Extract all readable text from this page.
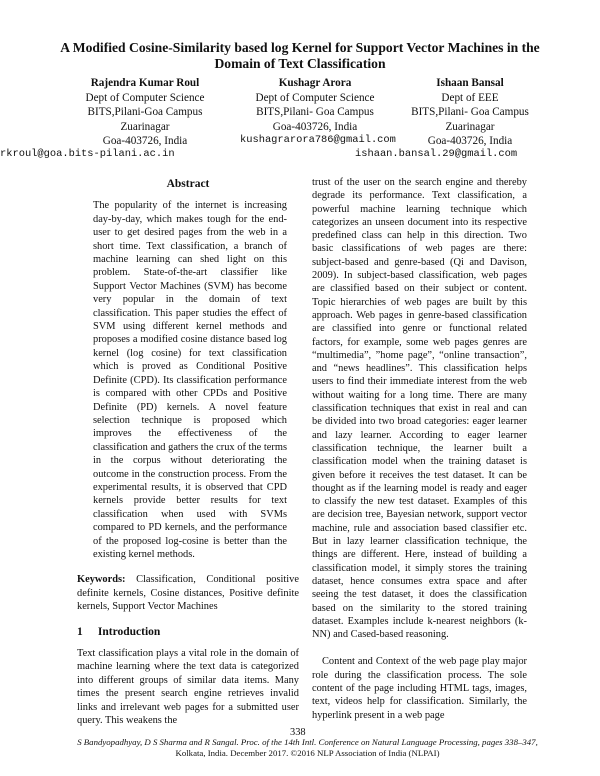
A Modified Cosine-Similarity based log Kernel for Support Vector Machines in the Domain of Text Classification
Rajendra Kumar Roul
Dept of Computer Science
BITS,Pilani-Goa Campus
Zuarinagar
Goa-403726, India
Kushagr Arora
Dept of Computer Science
BITS,Pilani- Goa Campus
Goa-403726, India
Ishaan Bansal
Dept of EEE
BITS,Pilani- Goa Campus
Zuarinagar
Goa-403726, India
rkroul@goa.bits-pilani.ac.in
kushagrarora786@gmail.com
ishaan.bansal.29@gmail.com
Abstract
The popularity of the internet is increasing day-by-day, which makes tough for the end-user to get desired pages from the web in a short time. Text classification, a branch of machine learning can shed light on this problem. State-of-the-art classifier like Support Vector Machines (SVM) has become very popular in the domain of text classification. This paper studies the effect of SVM using different kernel methods and proposes a modified cosine distance based log kernel (log cosine) for text classification which is proved as Conditional Positive Definite (CPD). Its classification performance is compared with other CPDs and Positive Definite (PD) kernels. A novel feature selection technique is proposed which improves the effectiveness of the classification and gathers the crux of the terms in the corpus without deteriorating the outcome in the construction process. From the experimental results, it is observed that CPD kernels provide better results for text classification when used with SVMs compared to PD kernels, and the performance of the proposed log-cosine is better than the existing kernel methods.
Keywords: Classification, Conditional positive definite kernels, Cosine distances, Positive definite kernels, Support Vector Machines
1 Introduction
Text classification plays a vital role in the domain of machine learning where the text data is categorized into different groups of similar data items. Many times the present search engine retrieves invalid links and irrelevant web pages for a submitted user query. This weakens the

trust of the user on the search engine and thereby degrade its performance. Text classification, a powerful machine learning technique which categorizes an unseen document into its respective predefined class can help in this direction. Two basic classifications of web pages are there: subject-based and genre-based (Qi and Davison, 2009). In subject-based classification, web pages are classified based on their subject or content. Topic hierarchies of web pages are built by this approach. Web pages in genre-based classification are classified into genre or functional related factors, for example, some web pages genres are “multimedia”, ”home page”, “online transaction”, and “news headlines”. This classification helps users to find their immediate interest from the web without waiting for a long time. There are many classification techniques that exist in real and can be divided into two broad categories: eager learner and lazy learner. According to eager learner classification technique, the learner built a classification model when the training dataset is given before it receives the test dataset. It can be thought as if the learning model is ready and eager to classify the new test dataset. Examples of this are decision tree, Bayesian network, support vector machine, rule and association based classifier etc. But in lazy learner classification technique, the things are different. Here, instead of building a classification model, it simply stores the training dataset, hence consumes extra space and after seeing the test dataset, it does the classification based on the similarity to the stored training dataset. Examples include k-nearest neighbors (k-NN) and Cased-based reasoning.

Content and Context of the web page play major role during the classification process. The sole content of the page including HTML tags, images, text, videos help for classification. Similarly, the hyperlink present in a web page

338
S Bandyopadhyay, D S Sharma and R Sangal. Proc. of the 14th Intl. Conference on Natural Language Processing, pages 338–347,
Kolkata, India. December 2017. ©2016 NLP Association of India (NLPAI)
